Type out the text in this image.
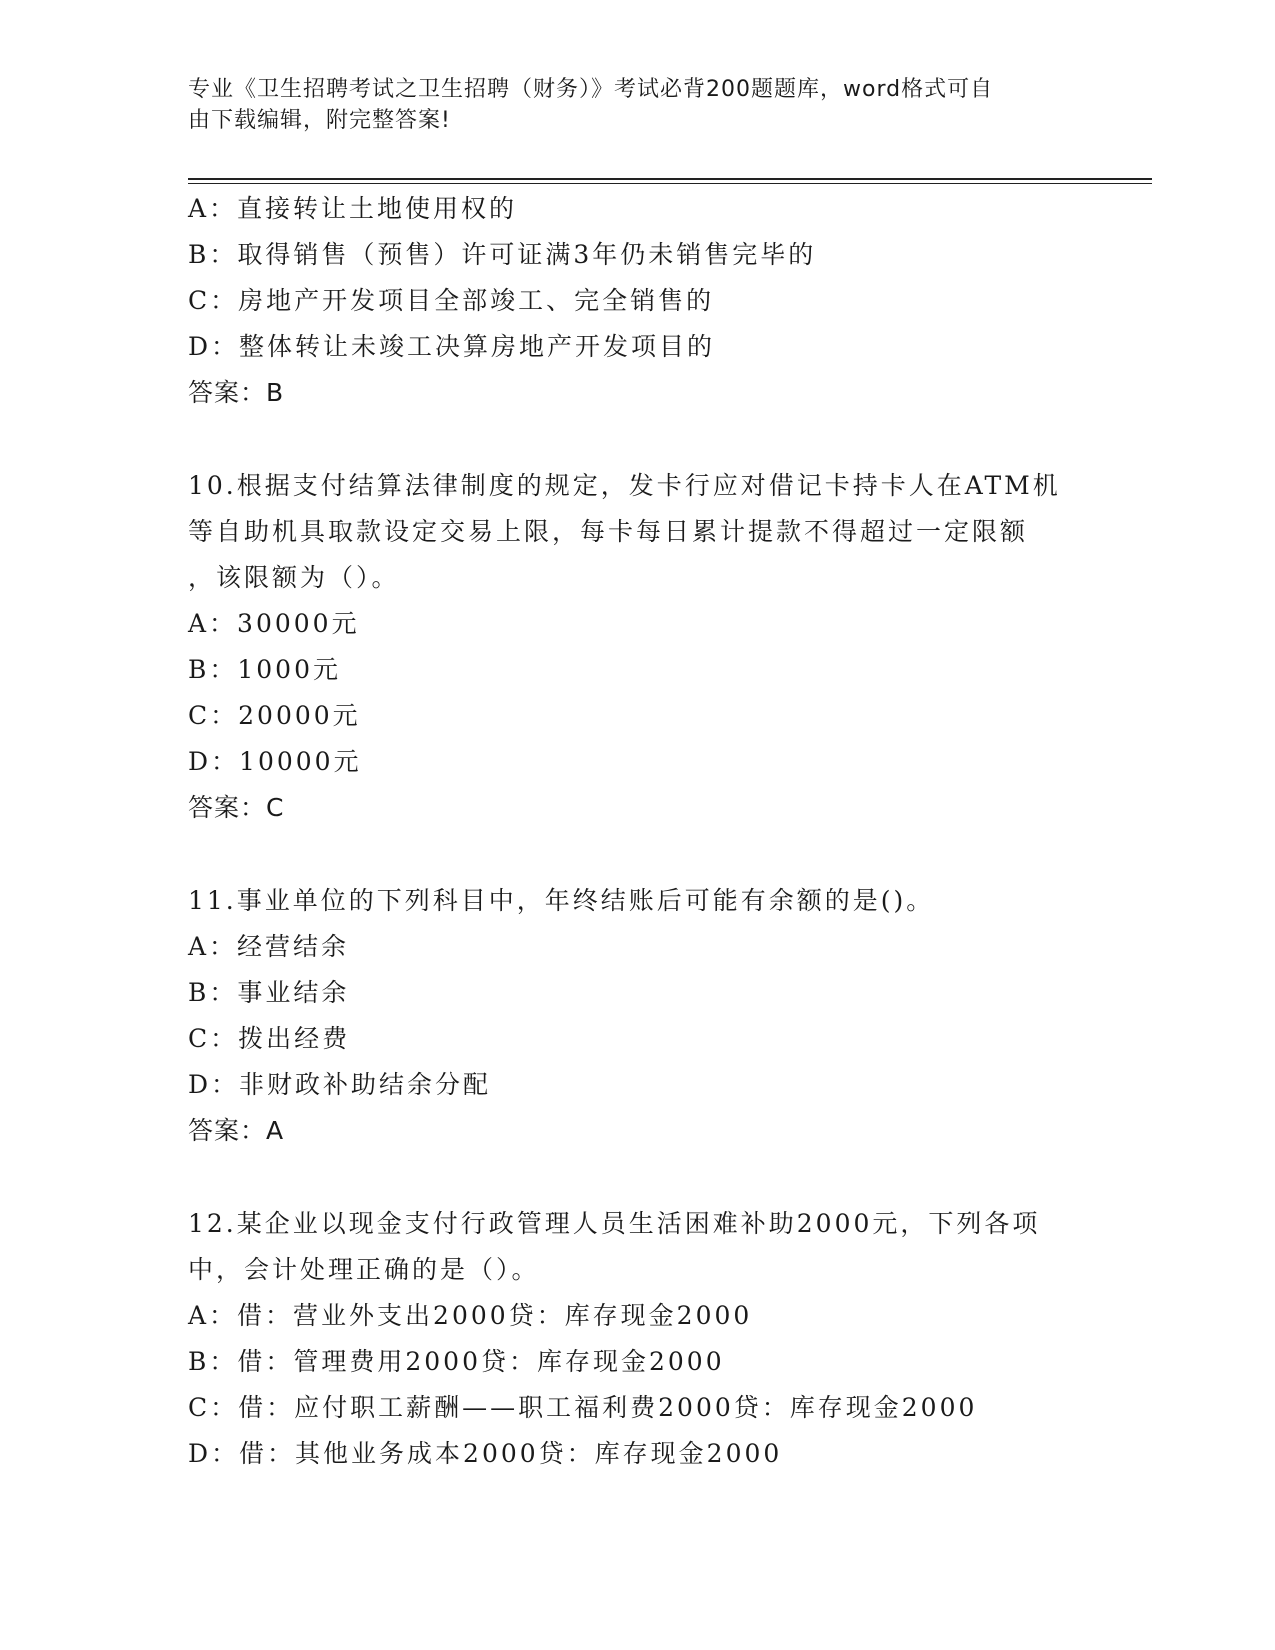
专业《卫生招聘考试之卫生招聘（财务）》考试必背200题题库，word格式可自
由下载编辑，附完整答案!
A：直接转让土地使用权的
B：取得销售（预售）许可证满3年仍未销售完毕的
C：房地产开发项目全部竣工、完全销售的
D：整体转让未竣工决算房地产开发项目的
答案：B
10.根据支付结算法律制度的规定，发卡行应对借记卡持卡人在ATM机
等自助机具取款设定交易上限，每卡每日累计提款不得超过一定限额
，该限额为（）。
A：30000元
B：1000元
C：20000元
D：10000元
答案：C
11.事业单位的下列科目中，年终结账后可能有余额的是()。
A：经营结余
B：事业结余
C：拨出经费
D：非财政补助结余分配
答案：A
12.某企业以现金支付行政管理人员生活困难补助2000元，下列各项
中，会计处理正确的是（）。
A：借：营业外支出2000贷：库存现金2000
B：借：管理费用2000贷：库存现金2000
C：借：应付职工薪酬——职工福利费2000贷：库存现金2000
D：借：其他业务成本2000贷：库存现金2000
